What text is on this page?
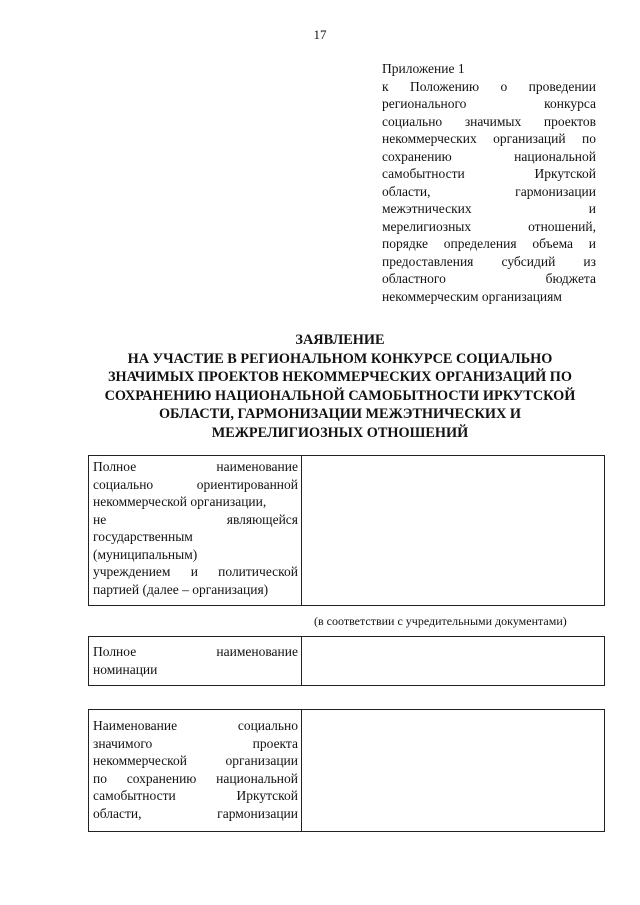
17
Приложение 1
к Положению о проведении
регионального конкурса
социально значимых проектов
некоммерческих организаций по
сохранению национальной
самобытности Иркутской
области, гармонизации
межэтнических и
мерелигиозных отношений,
порядке определения объема и
предоставления субсидий из
областного бюджета
некоммерческим организациям
ЗАЯВЛЕНИЕ
НА УЧАСТИЕ В РЕГИОНАЛЬНОМ КОНКУРСЕ СОЦИАЛЬНО
ЗНАЧИМЫХ ПРОЕКТОВ НЕКОММЕРЧЕСКИХ ОРГАНИЗАЦИЙ ПО
СОХРАНЕНИЮ НАЦИОНАЛЬНОЙ САМОБЫТНОСТИ ИРКУТСКОЙ
ОБЛАСТИ, ГАРМОНИЗАЦИИ МЕЖЭТНИЧЕСКИХ И
МЕЖРЕЛИГИОЗНЫХ ОТНОШЕНИЙ
Полное наименование
социально ориентированной
некоммерческой организации,
не являющейся
государственным
(муниципальным)
учреждением и политической
партией (далее – организация)

(в соответствии с учредительными документами)
Полное наименование
номинации

Наименование социально
значимого проекта
некоммерческой организации
по сохранению национальной
самобытности Иркутской
области, гармонизации
